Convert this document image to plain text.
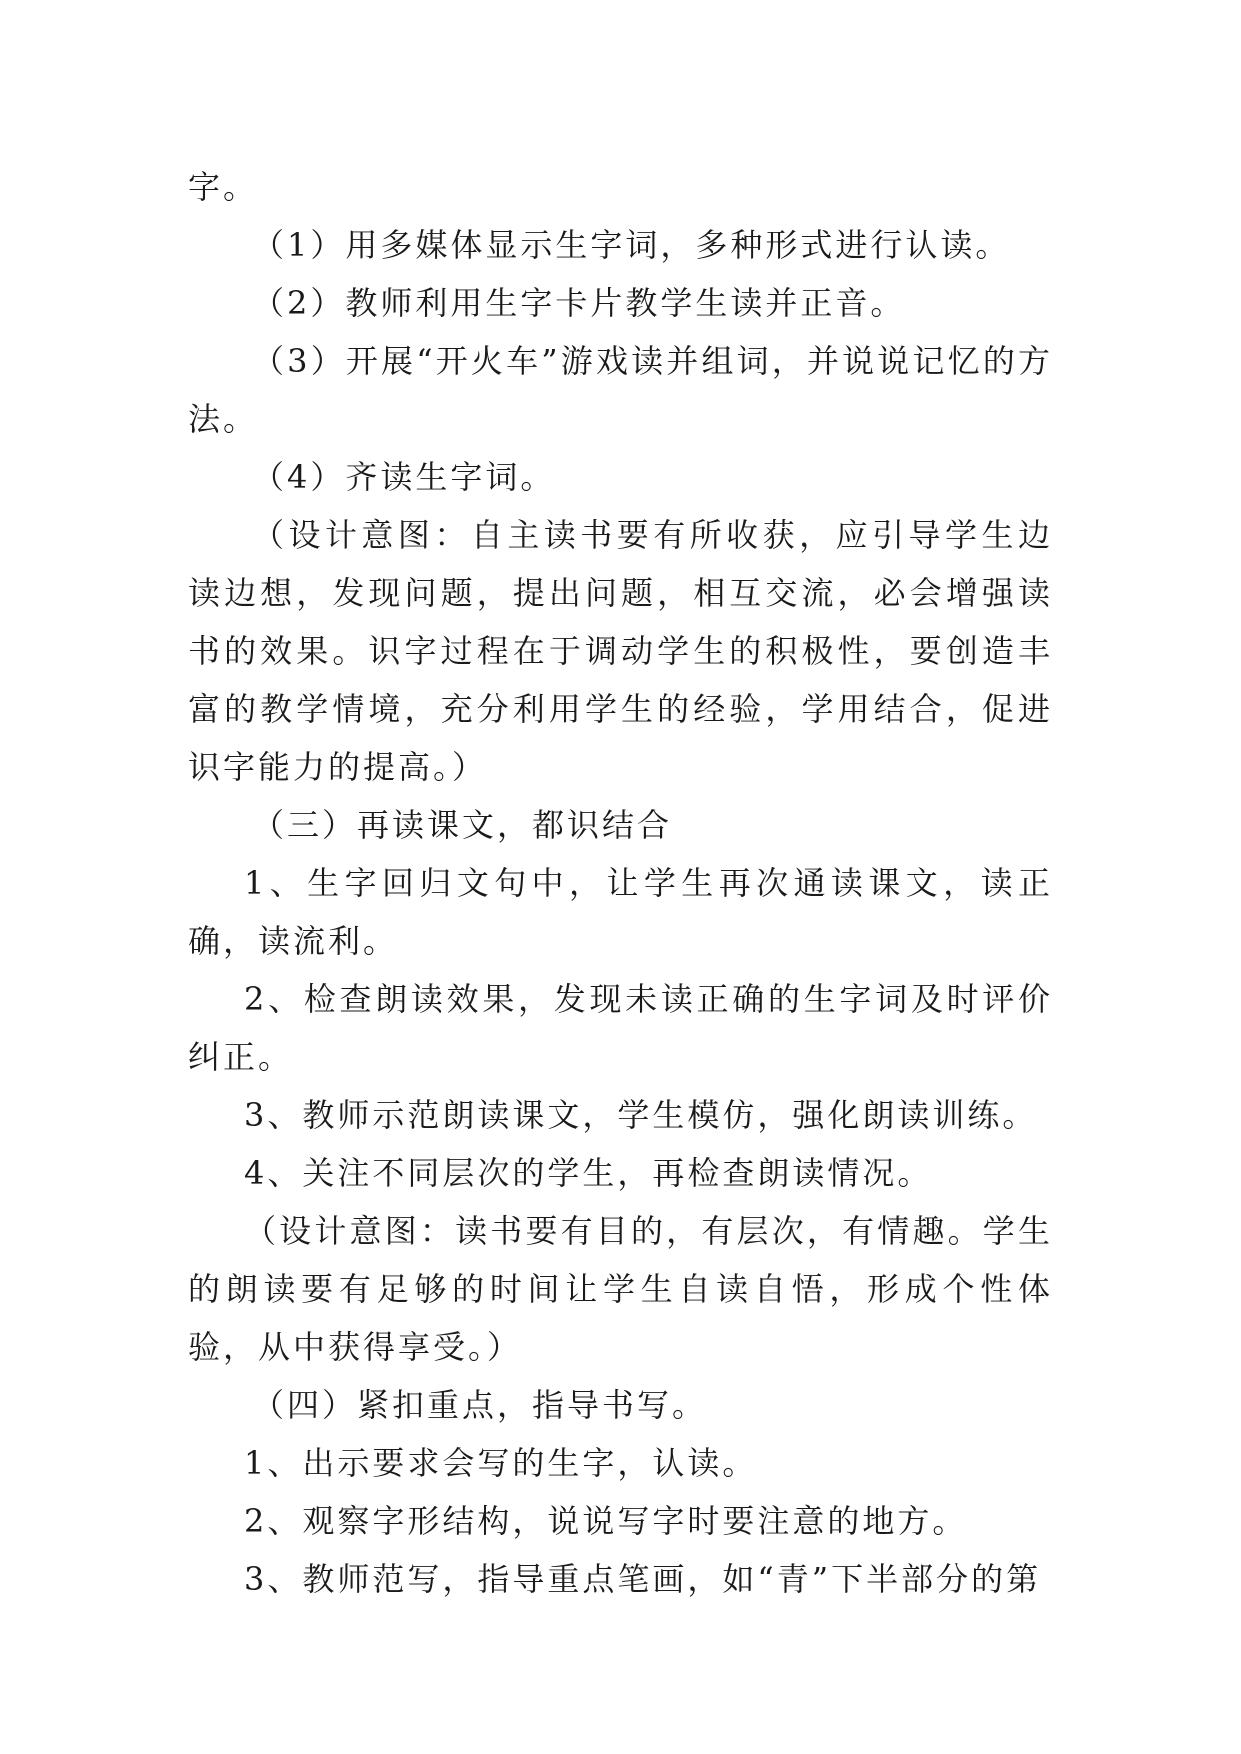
字。

（1）用多媒体显示生字词，多种形式进行认读。

（2）教师利用生字卡片教学生读并正音。

（3）开展“开火车”游戏读并组词，并说说记忆的方法。

（4）齐读生字词。

（设计意图：自主读书要有所收获，应引导学生边读边想，发现问题，提出问题，相互交流，必会增强读书的效果。识字过程在于调动学生的积极性，要创造丰富的教学情境，充分利用学生的经验，学用结合，促进识字能力的提高。）

（三）再读课文，都识结合

1、生字回归文句中，让学生再次通读课文，读正确，读流利。

2、检查朗读效果，发现未读正确的生字词及时评价纠正。

3、教师示范朗读课文，学生模仿，强化朗读训练。

4、关注不同层次的学生，再检查朗读情况。

（设计意图：读书要有目的，有层次，有情趣。学生的朗读要有足够的时间让学生自读自悟，形成个性体验，从中获得享受。）

（四）紧扣重点，指导书写。

1、出示要求会写的生字，认读。

2、观察字形结构，说说写字时要注意的地方。

3、教师范写，指导重点笔画，如“青”下半部分的第
